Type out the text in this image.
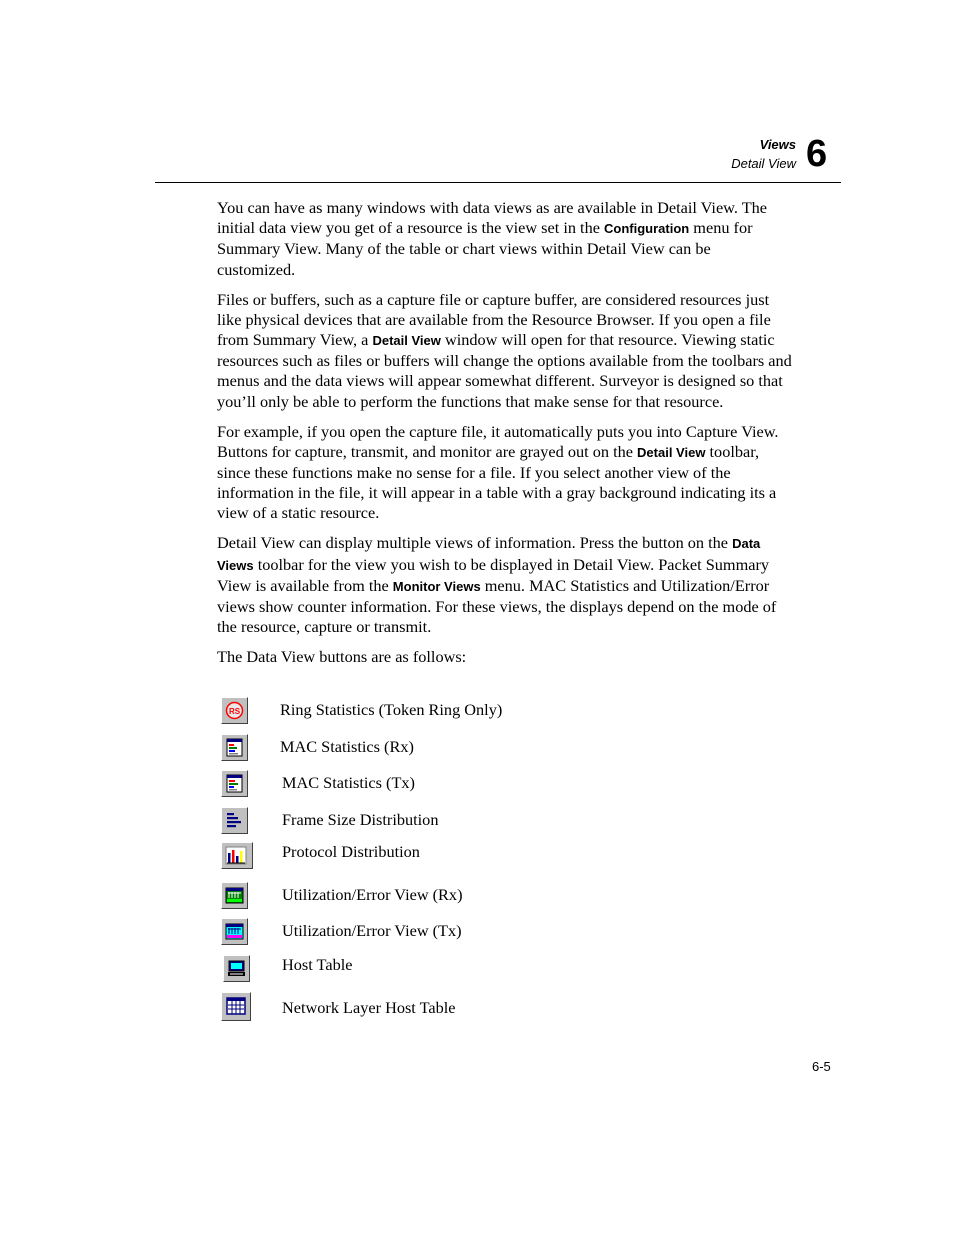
Views
Detail View 6

You can have as many windows with data views as are available in Detail View. The initial data view you get of a resource is the view set in the Configuration menu for Summary View. Many of the table or chart views within Detail View can be customized.

Files or buffers, such as a capture file or capture buffer, are considered resources just like physical devices that are available from the Resource Browser. If you open a file from Summary View, a Detail View window will open for that resource. Viewing static resources such as files or buffers will change the options available from the toolbars and menus and the data views will appear somewhat different. Surveyor is designed so that you’ll only be able to perform the functions that make sense for that resource.

For example, if you open the capture file, it automatically puts you into Capture View. Buttons for capture, transmit, and monitor are grayed out on the Detail View toolbar, since these functions make no sense for a file. If you select another view of the information in the file, it will appear in a table with a gray background indicating its a view of a static resource.

Detail View can display multiple views of information. Press the button on the Data Views toolbar for the view you wish to be displayed in Detail View. Packet Summary View is available from the Monitor Views menu. MAC Statistics and Utilization/Error views show counter information. For these views, the displays depend on the mode of the resource, capture or transmit.

The Data View buttons are as follows:

RS Ring Statistics (Token Ring Only)
MAC Statistics (Rx)
MAC Statistics (Tx)
Frame Size Distribution
Protocol Distribution
Utilization/Error View (Rx)
Utilization/Error View (Tx)
Host Table
Network Layer Host Table
6-5
